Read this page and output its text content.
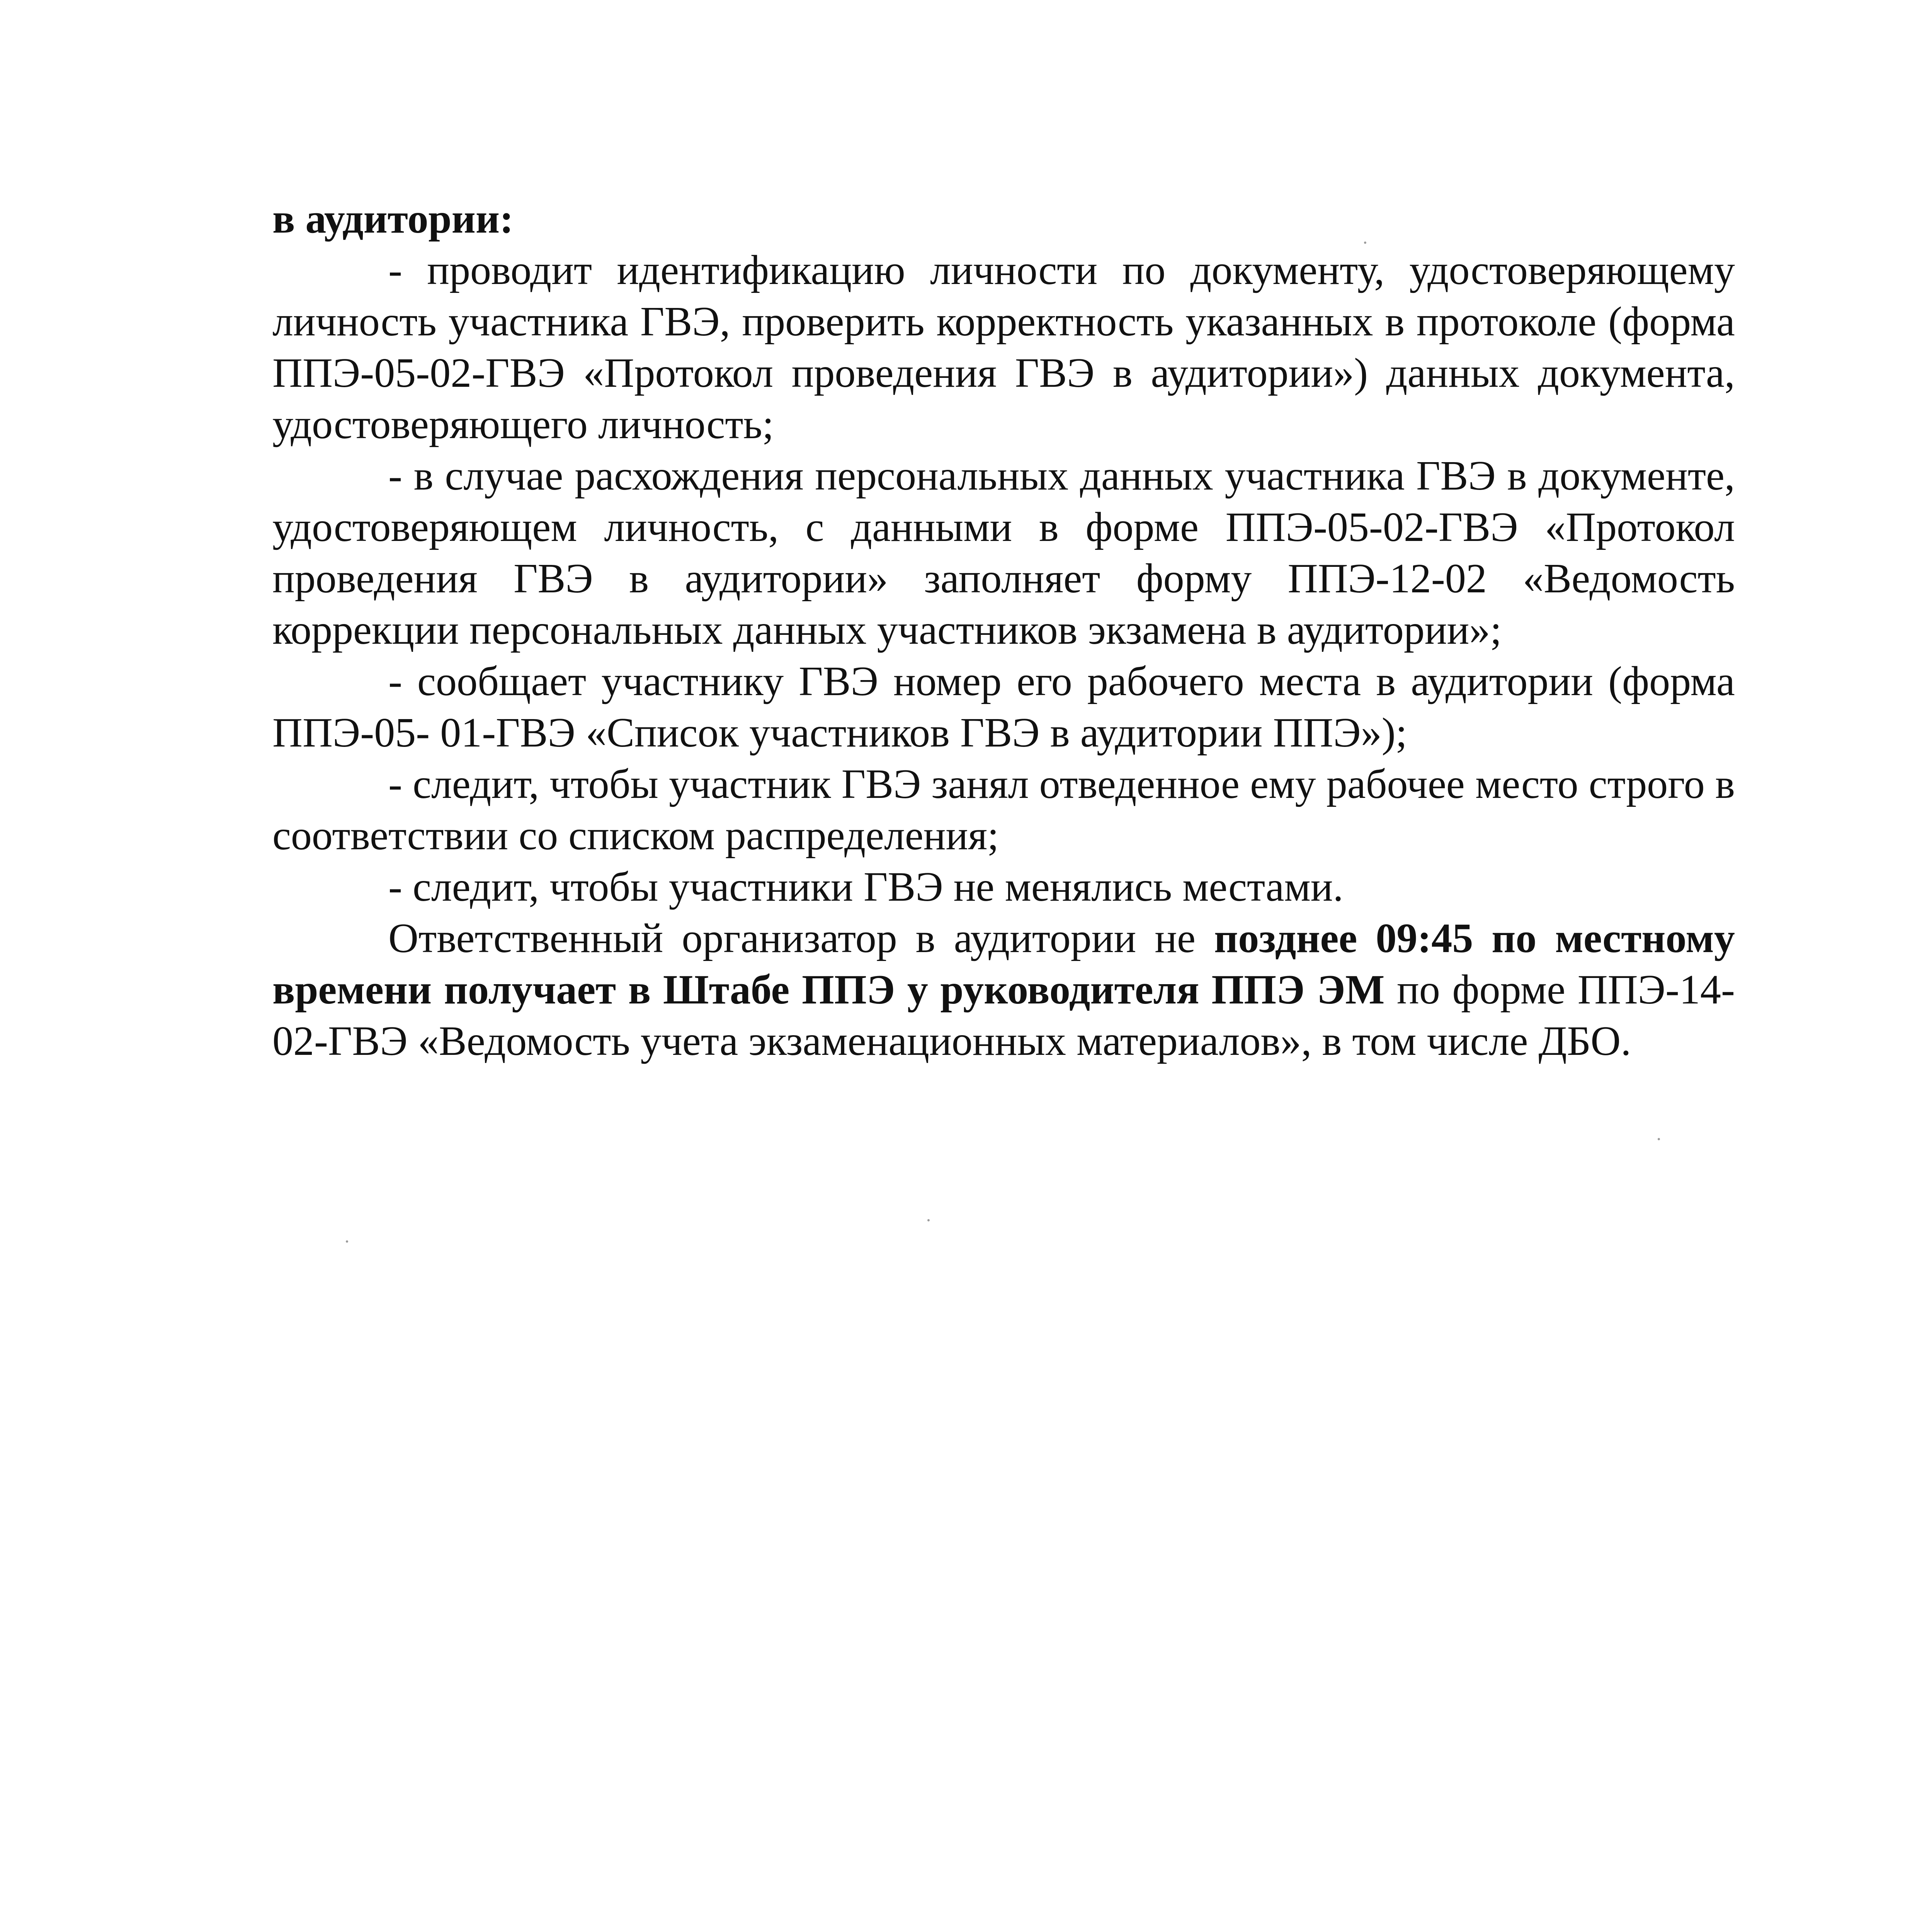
в аудитории:

- проводит идентификацию личности по документу, удостоверяющему личность участника ГВЭ, проверить корректность указанных в протоколе (форма ППЭ-05-02-ГВЭ «Протокол проведения ГВЭ в аудитории») данных документа, удостоверяющего личность;

- в случае расхождения персональных данных участника ГВЭ в документе, удостоверяющем личность, с данными в форме ППЭ-05-02-ГВЭ «Протокол проведения ГВЭ в аудитории» заполняет форму ППЭ-12-02 «Ведомость коррекции персональных данных участников экзамена в аудитории»;

- сообщает участнику ГВЭ номер его рабочего места в аудитории (форма ППЭ-05- 01-ГВЭ «Список участников ГВЭ в аудитории ППЭ»);

- следит, чтобы участник ГВЭ занял отведенное ему рабочее место строго в соответствии со списком распределения;

- следит, чтобы участники ГВЭ не менялись местами.

Ответственный организатор в аудитории не позднее 09:45 по местному времени получает в Штабе ППЭ у руководителя ППЭ ЭМ по форме ППЭ-14-02-ГВЭ «Ведомость учета экзаменационных материалов», в том числе ДБО.
